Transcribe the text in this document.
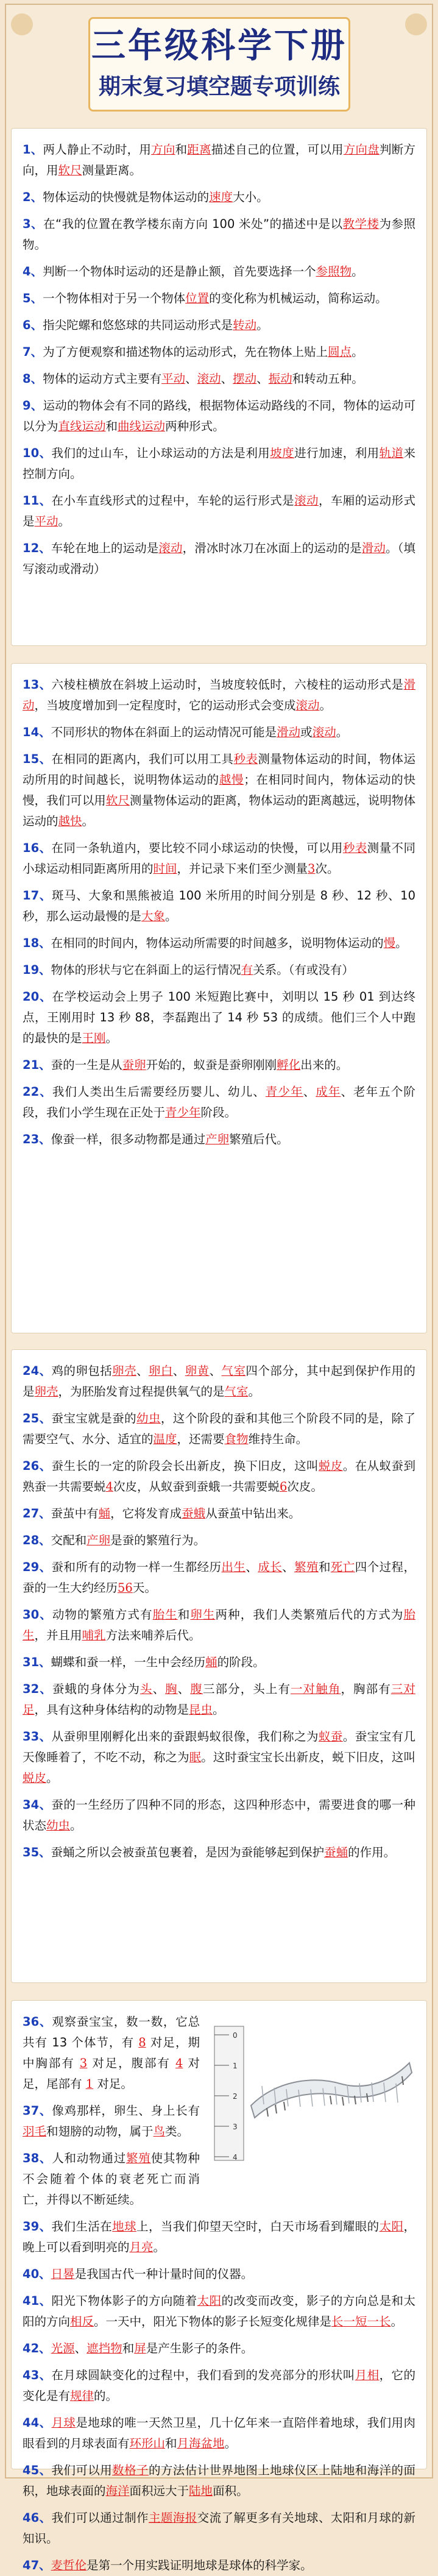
三年级科学下册
期末复习填空题专项训练

1、两人静止不动时，用方向和距离描述自己的位置，可以用方向盘判断方向，用软尺测量距离。

2、物体运动的快慢就是物体运动的速度大小。

3、在“我的位置在教学楼东南方向 100 米处”的描述中是以教学楼为参照物。

4、判断一个物体时运动的还是静止额，首先要选择一个参照物。

5、一个物体相对于另一个物体位置的变化称为机械运动，简称运动。

6、指尖陀螺和悠悠球的共同运动形式是转动。

7、为了方便观察和描述物体的运动形式，先在物体上贴上圆点。

8、物体的运动方式主要有平动、滚动、摆动、振动和转动五种。

9、运动的物体会有不同的路线，根据物体运动路线的不同，物体的运动可以分为直线运动和曲线运动两种形式。

10、我们的过山车，让小球运动的方法是利用坡度进行加速，利用轨道来控制方向。

11、在小车直线形式的过程中，车轮的运行形式是滚动，车厢的运动形式是平动。

12、车轮在地上的运动是滚动，滑冰时冰刀在冰面上的运动的是滑动。（填写滚动或滑动）

13、六棱柱横放在斜坡上运动时，当坡度较低时，六棱柱的运动形式是滑动，当坡度增加到一定程度时，它的运动形式会变成滚动。

14、不同形状的物体在斜面上的运动情况可能是滑动或滚动。

15、在相同的距离内，我们可以用工具秒表测量物体运动的时间，物体运动所用的时间越长，说明物体运动的越慢；在相同时间内，物体运动的快慢，我们可以用软尺测量物体运动的距离，物体运动的距离越远，说明物体运动的越快。

16、在同一条轨道内，要比较不同小球运动的快慢，可以用秒表测量不同小球运动相同距离所用的时间，并记录下来们至少测量3次。

17、斑马、大象和黑熊被追 100 米所用的时间分别是 8 秒、12 秒、10 秒，那么运动最慢的是大象。

18、在相同的时间内，物体运动所需要的时间越多，说明物体运动的慢。

19、物体的形状与它在斜面上的运行情况有关系。（有或没有）

20、在学校运动会上男子 100 米短跑比赛中，刘明以 15 秒 01 到达终点，王刚用时 13 秒 88，李磊跑出了 14 秒 53 的成绩。他们三个人中跑的最快的是王刚。

21、蚕的一生是从蚕卵开始的，蚁蚕是蚕卵刚刚孵化出来的。

22、我们人类出生后需要经历婴儿、幼儿、青少年、成年、老年五个阶段，我们小学生现在正处于青少年阶段。

23、像蚕一样，很多动物都是通过产卵繁殖后代。

24、鸡的卵包括卵壳、卵白、卵黄、气室四个部分，其中起到保护作用的是卵壳，为胚胎发育过程提供氧气的是气室。

25、蚕宝宝就是蚕的幼虫，这个阶段的蚕和其他三个阶段不同的是，除了需要空气、水分、适宜的温度，还需要食物维持生命。

26、蚕生长的一定的阶段会长出新皮，换下旧皮，这叫蜕皮。在从蚁蚕到熟蚕一共需要蜕4次皮，从蚁蚕到蚕蛾一共需要蜕6次皮。

27、蚕茧中有蛹，它将发育成蚕蛾从蚕茧中钻出来。

28、交配和产卵是蚕的繁殖行为。

29、蚕和所有的动物一样一生都经历出生、成长、繁殖和死亡四个过程，蚕的一生大约经历56天。

30、动物的繁殖方式有胎生和卵生两种，我们人类繁殖后代的方式为胎生，并且用哺乳方法来哺养后代。

31、蝴蝶和蚕一样，一生中会经历蛹的阶段。

32、蚕蛾的身体分为头、胸、腹三部分，头上有一对触角，胸部有三对足，具有这种身体结构的动物是昆虫。

33、从蚕卵里刚孵化出来的蚕跟蚂蚁很像，我们称之为蚁蚕。蚕宝宝有几天像睡着了，不吃不动，称之为眠。这时蚕宝宝长出新皮，蜕下旧皮，这叫蜕皮。

34、蚕的一生经历了四种不同的形态，这四种形态中，需要进食的哪一种状态幼虫。

35、蚕蛹之所以会被蚕茧包裹着，是因为蚕能够起到保护蚕蛹的作用。

0
1
2
3
4
36、观察蚕宝宝，数一数，它总共有 13 个体节，有 8 对足，期中胸部有 3 对足，腹部有 4 对足，尾部有 1 对足。

37、像鸡那样，卵生、身上长有羽毛和翅膀的动物，属于鸟类。

38、人和动物通过繁殖使其物种不会随着个体的衰老死亡而消亡，并得以不断延续。

39、我们生活在地球上，当我们仰望天空时，白天市场看到耀眼的太阳，晚上可以看到明亮的月亮。

40、日晷是我国古代一种计量时间的仪器。

41、阳光下物体影子的方向随着太阳的改变而改变，影子的方向总是和太阳的方向相反。一天中，阳光下物体的影子长短变化规律是长一短一长。

42、光源、遮挡物和屏是产生影子的条件。

43、在月球圆缺变化的过程中，我们看到的发亮部分的形状叫月相，它的变化是有规律的。

44、月球是地球的唯一天然卫星，几十亿年来一直陪伴着地球，我们用肉眼看到的月球表面有环形山和月海盆地。

45、我们可以用数格子的方法估计世界地图上地球仪区上陆地和海洋的面积，地球表面的海洋面积远大于陆地面积。

46、我们可以通过制作主题海报交流了解更多有关地球、太阳和月球的新知识。

47、麦哲伦是第一个用实践证明地球是球体的科学家。
